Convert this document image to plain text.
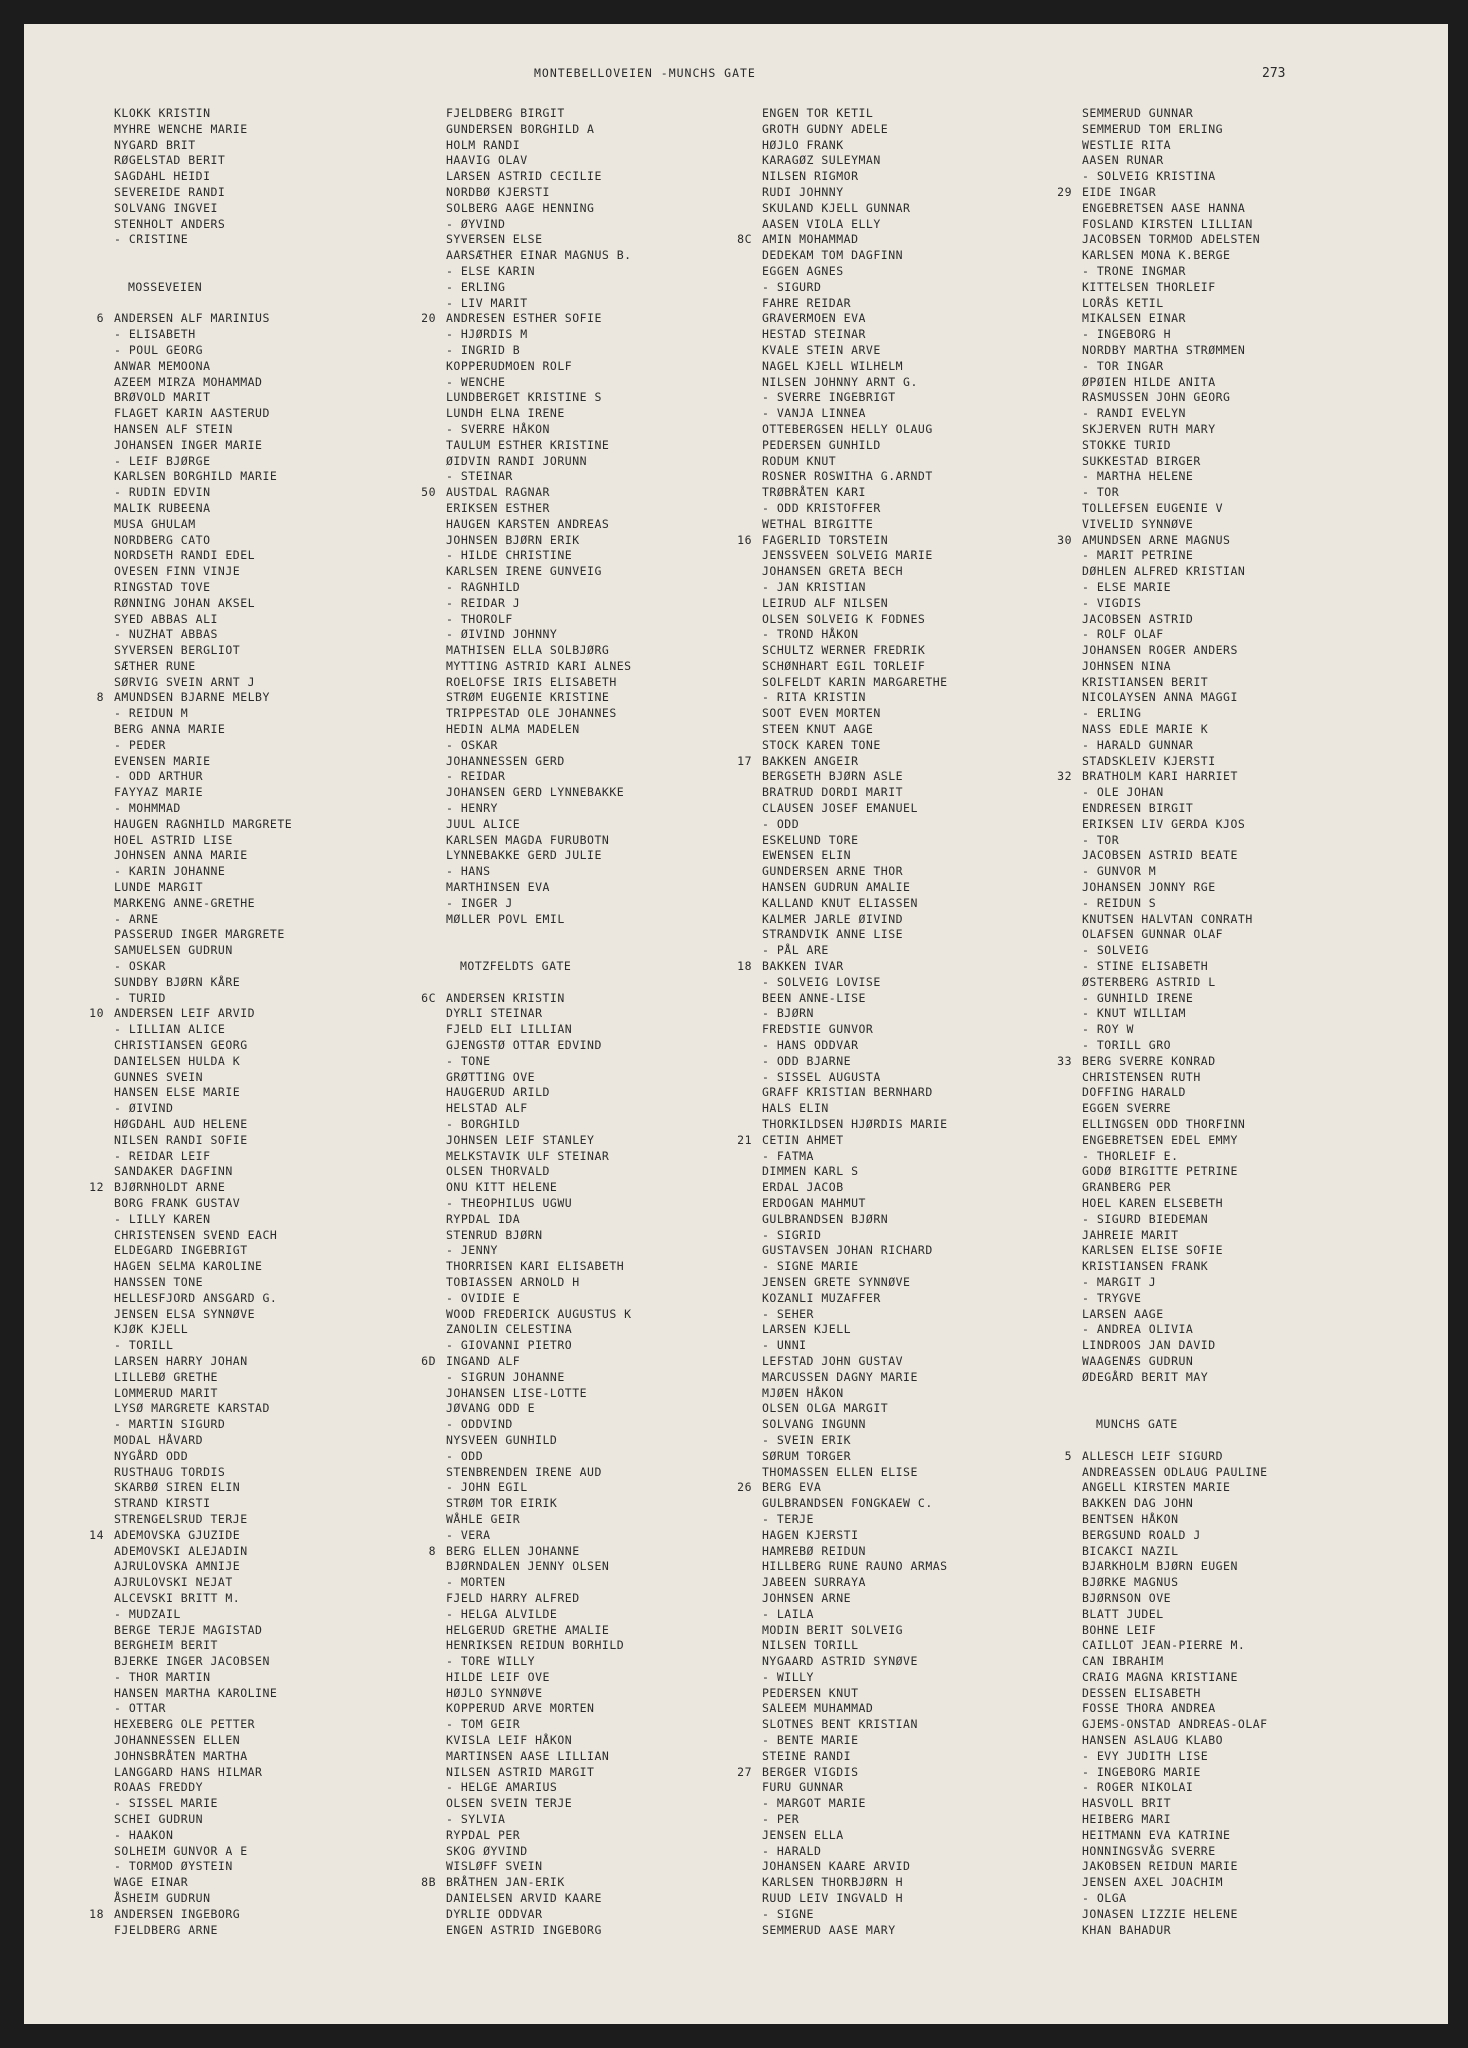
MONTEBELLOVEIEN -MUNCHS GATE	273
KLOKK KRISTIN
MYHRE WENCHE MARIE
NYGARD BRIT
RØGELSTAD BERIT
SAGDAHL HEIDI
SEVEREIDE RANDI
SOLVANG INGVEI
STENHOLT ANDERS
- CRISTINE
MOSSEVEIEN
6 ANDERSEN ALF MARINIUS
- ELISABETH
- POUL GEORG
ANWAR MEMOONA
AZEEM MIRZA MOHAMMAD
BRØVOLD MARIT
FLAGET KARIN AASTERUD
HANSEN ALF STEIN
JOHANSEN INGER MARIE
- LEIF BJØRGE
KARLSEN BORGHILD MARIE
- RUDIN EDVIN
MALIK RUBEENA
MUSA GHULAM
NORDBERG CATO
NORDSETH RANDI EDEL
OVESEN FINN VINJE
RINGSTAD TOVE
RØNNING JOHAN AKSEL
SYED ABBAS ALI
- NUZHAT ABBAS
SYVERSEN BERGLIOT
SÆTHER RUNE
SØRVIG SVEIN ARNT J
8 AMUNDSEN BJARNE MELBY
- REIDUN M
BERG ANNA MARIE
- PEDER
EVENSEN MARIE
- ODD ARTHUR
FAYYAZ MARIE
- MOHMMAD
HAUGEN RAGNHILD MARGRETE
HOEL ASTRID LISE
JOHNSEN ANNA MARIE
- KARIN JOHANNE
LUNDE MARGIT
MARKENG ANNE-GRETHE
- ARNE
PASSERUD INGER MARGRETE
SAMUELSEN GUDRUN
- OSKAR
SUNDBY BJØRN KÅRE
- TURID
10 ANDERSEN LEIF ARVID
- LILLIAN ALICE
CHRISTIANSEN GEORG
DANIELSEN HULDA K
GUNNES SVEIN
HANSEN ELSE MARIE
- ØIVIND
HØGDAHL AUD HELENE
NILSEN RANDI SOFIE
- REIDAR LEIF
SANDAKER DAGFINN
12 BJØRNHOLDT ARNE
BORG FRANK GUSTAV
- LILLY KAREN
CHRISTENSEN SVEND EACH
ELDEGARD INGEBRIGT
HAGEN SELMA KAROLINE
HANSSEN TONE
HELLESFJORD ANSGARD G.
JENSEN ELSA SYNNØVE
KJØK KJELL
- TORILL
LARSEN HARRY JOHAN
LILLEBØ GRETHE
LOMMERUD MARIT
LYSØ MARGRETE KARSTAD
- MARTIN SIGURD
MODAL HÅVARD
NYGÅRD ODD
RUSTHAUG TORDIS
SKARBØ SIREN ELIN
STRAND KIRSTI
STRENGELSRUD TERJE
14 ADEMOVSKA GJUZIDE
ADEMOVSKI ALEJADIN
AJRULOVSKA AMNIJE
AJRULOVSKI NEJAT
ALCEVSKI BRITT M.
- MUDZAIL
BERGE TERJE MAGISTAD
BERGHEIM BERIT
BJERKE INGER JACOBSEN
- THOR MARTIN
HANSEN MARTHA KAROLINE
- OTTAR
HEXEBERG OLE PETTER
JOHANNESSEN ELLEN
JOHNSBRÅTEN MARTHA
LANGGARD HANS HILMAR
ROAAS FREDDY
- SISSEL MARIE
SCHEI GUDRUN
- HAAKON
SOLHEIM GUNVOR A E
- TORMOD ØYSTEIN
WAGE EINAR
ÅSHEIM GUDRUN
18 ANDERSEN INGEBORG
FJELDBERG ARNE
FJELDBERG BIRGIT
GUNDERSEN BORGHILD A
HOLM RANDI
HAAVIG OLAV
LARSEN ASTRID CECILIE
NORDBØ KJERSTI
SOLBERG AAGE HENNING
- ØYVIND
SYVERSEN ELSE
AARSÆTHER EINAR MAGNUS B.
- ELSE KARIN
- ERLING
- LIV MARIT
20 ANDRESEN ESTHER SOFIE
- HJØRDIS M
- INGRID B
KOPPERUDMOEN ROLF
- WENCHE
LUNDBERGET KRISTINE S
LUNDH ELNA IRENE
- SVERRE HÅKON
TAULUM ESTHER KRISTINE
ØIDVIN RANDI JORUNN
- STEINAR
50 AUSTDAL RAGNAR
ERIKSEN ESTHER
HAUGEN KARSTEN ANDREAS
JOHNSEN BJØRN ERIK
- HILDE CHRISTINE
KARLSEN IRENE GUNVEIG
- RAGNHILD
- REIDAR J
- THOROLF
- ØIVIND JOHNNY
MATHISEN ELLA SOLBJØRG
MYTTING ASTRID KARI ALNES
ROELOFSE IRIS ELISABETH
STRØM EUGENIE KRISTINE
TRIPPESTAD OLE JOHANNES
HEDIN ALMA MADELEN
- OSKAR
JOHANNESSEN GERD
- REIDAR
JOHANSEN GERD LYNNEBAKKE
- HENRY
JUUL ALICE
KARLSEN MAGDA FURUBOTN
LYNNEBAKKE GERD JULIE
- HANS
MARTHINSEN EVA
- INGER J
MØLLER POVL EMIL
MOTZFELDTS GATE
6C ANDERSEN KRISTIN
DYRLI STEINAR
FJELD ELI LILLIAN
GJENGSTØ OTTAR EDVIND
- TONE
GRØTTING OVE
HAUGERUD ARILD
HELSTAD ALF
- BORGHILD
JOHNSEN LEIF STANLEY
MELKSTAVIK ULF STEINAR
OLSEN THORVALD
ONU KITT HELENE
- THEOPHILUS UGWU
RYPDAL IDA
STENRUD BJØRN
- JENNY
THORRISEN KARI ELISABETH
TOBIASSEN ARNOLD H
- OVIDIE E
WOOD FREDERICK AUGUSTUS K
ZANOLIN CELESTINA
- GIOVANNI PIETRO
6D INGAND ALF
- SIGRUN JOHANNE
JOHANSEN LISE-LOTTE
JØVANG ODD E
- ODDVIND
NYSVEEN GUNHILD
- ODD
STENBRENDEN IRENE AUD
- JOHN EGIL
STRØM TOR EIRIK
WÅHLE GEIR
- VERA
8 BERG ELLEN JOHANNE
BJØRNDALEN JENNY OLSEN
- MORTEN
FJELD HARRY ALFRED
- HELGA ALVILDE
HELGERUD GRETHE AMALIE
HENRIKSEN REIDUN BORHILD
- TORE WILLY
HILDE LEIF OVE
HØJLO SYNNØVE
KOPPERUD ARVE MORTEN
- TOM GEIR
KVISLA LEIF HÅKON
MARTINSEN AASE LILLIAN
NILSEN ASTRID MARGIT
- HELGE AMARIUS
OLSEN SVEIN TERJE
- SYLVIA
RYPDAL PER
SKOG ØYVIND
WISLØFF SVEIN
8B BRÅTHEN JAN-ERIK
DANIELSEN ARVID KAARE
DYRLIE ODDVAR
ENGEN ASTRID INGEBORG
ENGEN TOR KETIL
GROTH GUDNY ADELE
HØJLO FRANK
KARAGØZ SULEYMAN
NILSEN RIGMOR
RUDI JOHNNY
SKULAND KJELL GUNNAR
AASEN VIOLA ELLY
8C AMIN MOHAMMAD
DEDEKAM TOM DAGFINN
EGGEN AGNES
- SIGURD
FAHRE REIDAR
GRAVERMOEN EVA
HESTAD STEINAR
KVALE STEIN ARVE
NAGEL KJELL WILHELM
NILSEN JOHNNY ARNT G.
- SVERRE INGEBRIGT
- VANJA LINNEA
OTTEBERGSEN HELLY OLAUG
PEDERSEN GUNHILD
RODUM KNUT
ROSNER ROSWITHA G.ARNDT
TRØBRÅTEN KARI
- ODD KRISTOFFER
WETHAL BIRGITTE
16 FAGERLID TORSTEIN
JENSSVEEN SOLVEIG MARIE
JOHANSEN GRETA BECH
- JAN KRISTIAN
LEIRUD ALF NILSEN
OLSEN SOLVEIG K FODNES
- TROND HÅKON
SCHULTZ WERNER FREDRIK
SCHØNHART EGIL TORLEIF
SOLFELDT KARIN MARGARETHE
- RITA KRISTIN
SOOT EVEN MORTEN
STEEN KNUT AAGE
STOCK KAREN TONE
17 BAKKEN ANGEIR
BERGSETH BJØRN ASLE
BRATRUD DORDI MARIT
CLAUSEN JOSEF EMANUEL
- ODD
ESKELUND TORE
EWENSEN ELIN
GUNDERSEN ARNE THOR
HANSEN GUDRUN AMALIE
KALLAND KNUT ELIASSEN
KALMER JARLE ØIVIND
STRANDVIK ANNE LISE
- PÅL ARE
18 BAKKEN IVAR
- SOLVEIG LOVISE
BEEN ANNE-LISE
- BJØRN
FREDSTIE GUNVOR
- HANS ODDVAR
- ODD BJARNE
- SISSEL AUGUSTA
GRAFF KRISTIAN BERNHARD
HALS ELIN
THORKILDSEN HJØRDIS MARIE
21 CETIN AHMET
- FATMA
DIMMEN KARL S
ERDAL JACOB
ERDOGAN MAHMUT
GULBRANDSEN BJØRN
- SIGRID
GUSTAVSEN JOHAN RICHARD
- SIGNE MARIE
JENSEN GRETE SYNNØVE
KOZANLI MUZAFFER
- SEHER
LARSEN KJELL
- UNNI
LEFSTAD JOHN GUSTAV
MARCUSSEN DAGNY MARIE
MJØEN HÅKON
OLSEN OLGA MARGIT
SOLVANG INGUNN
- SVEIN ERIK
SØRUM TORGER
THOMASSEN ELLEN ELISE
26 BERG EVA
GULBRANDSEN FONGKAEW C.
- TERJE
HAGEN KJERSTI
HAMREBØ REIDUN
HILLBERG RUNE RAUNO ARMAS
JABEEN SURRAYA
JOHNSEN ARNE
- LAILA
MODIN BERIT SOLVEIG
NILSEN TORILL
NYGAARD ASTRID SYNØVE
- WILLY
PEDERSEN KNUT
SALEEM MUHAMMAD
SLOTNES BENT KRISTIAN
- BENTE MARIE
STEINE RANDI
27 BERGER VIGDIS
FURU GUNNAR
- MARGOT MARIE
- PER
JENSEN ELLA
- HARALD
JOHANSEN KAARE ARVID
KARLSEN THORBJØRN H
RUUD LEIV INGVALD H
- SIGNE
SEMMERUD AASE MARY
SEMMERUD GUNNAR
SEMMERUD TOM ERLING
WESTLIE RITA
AASEN RUNAR
- SOLVEIG KRISTINA
29 EIDE INGAR
ENGEBRETSEN AASE HANNA
FOSLAND KIRSTEN LILLIAN
JACOBSEN TORMOD ADELSTEN
KARLSEN MONA K.BERGE
- TRONE INGMAR
KITTELSEN THORLEIF
LORÅS KETIL
MIKALSEN EINAR
- INGEBORG H
NORDBY MARTHA STRØMMEN
- TOR INGAR
ØPØIEN HILDE ANITA
RASMUSSEN JOHN GEORG
- RANDI EVELYN
SKJERVEN RUTH MARY
STOKKE TURID
SUKKESTAD BIRGER
- MARTHA HELENE
- TOR
TOLLEFSEN EUGENIE V
VIVELID SYNNØVE
30 AMUNDSEN ARNE MAGNUS
- MARIT PETRINE
DØHLEN ALFRED KRISTIAN
- ELSE MARIE
- VIGDIS
JACOBSEN ASTRID
- ROLF OLAF
JOHANSEN ROGER ANDERS
JOHNSEN NINA
KRISTIANSEN BERIT
NICOLAYSEN ANNA MAGGI
- ERLING
NASS EDLE MARIE K
- HARALD GUNNAR
STADSKLEIV KJERSTI
32 BRATHOLM KARI HARRIET
- OLE JOHAN
ENDRESEN BIRGIT
ERIKSEN LIV GERDA KJOS
- TOR
JACOBSEN ASTRID BEATE
- GUNVOR M
JOHANSEN JONNY RGE
- REIDUN S
KNUTSEN HALVTAN CONRATH
OLAFSEN GUNNAR OLAF
- SOLVEIG
- STINE ELISABETH
ØSTERBERG ASTRID L
- GUNHILD IRENE
- KNUT WILLIAM
- ROY W
- TORILL GRO
33 BERG SVERRE KONRAD
CHRISTENSEN RUTH
DOFFING HARALD
EGGEN SVERRE
ELLINGSEN ODD THORFINN
ENGEBRETSEN EDEL EMMY
- THORLEIF E.
GODØ BIRGITTE PETRINE
GRANBERG PER
HOEL KAREN ELSEBETH
- SIGURD BIEDEMAN
JAHREIE MARIT
KARLSEN ELISE SOFIE
KRISTIANSEN FRANK
- MARGIT J
- TRYGVE
LARSEN AAGE
- ANDREA OLIVIA
LINDROOS JAN DAVID
WAAGENÆS GUDRUN
ØDEGÅRD BERIT MAY
MUNCHS GATE
5 ALLESCH LEIF SIGURD
ANDREASSEN ODLAUG PAULINE
ANGELL KIRSTEN MARIE
BAKKEN DAG JOHN
BENTSEN HÅKON
BERGSUND ROALD J
BICAKCI NAZIL
BJARKHOLM BJØRN EUGEN
BJØRKE MAGNUS
BJØRNSON OVE
BLATT JUDEL
BOHNE LEIF
CAILLOT JEAN-PIERRE M.
CAN IBRAHIM
CRAIG MAGNA KRISTIANE
DESSEN ELISABETH
FOSSE THORA ANDREA
GJEMS-ONSTAD ANDREAS-OLAF
HANSEN ASLAUG KLABO
- EVY JUDITH LISE
- INGEBORG MARIE
- ROGER NIKOLAI
HASVOLL BRIT
HEIBERG MARI
HEITMANN EVA KATRINE
HONNINGSVÅG SVERRE
JAKOBSEN REIDUN MARIE
JENSEN AXEL JOACHIM
- OLGA
JONASEN LIZZIE HELENE
KHAN BAHADUR
